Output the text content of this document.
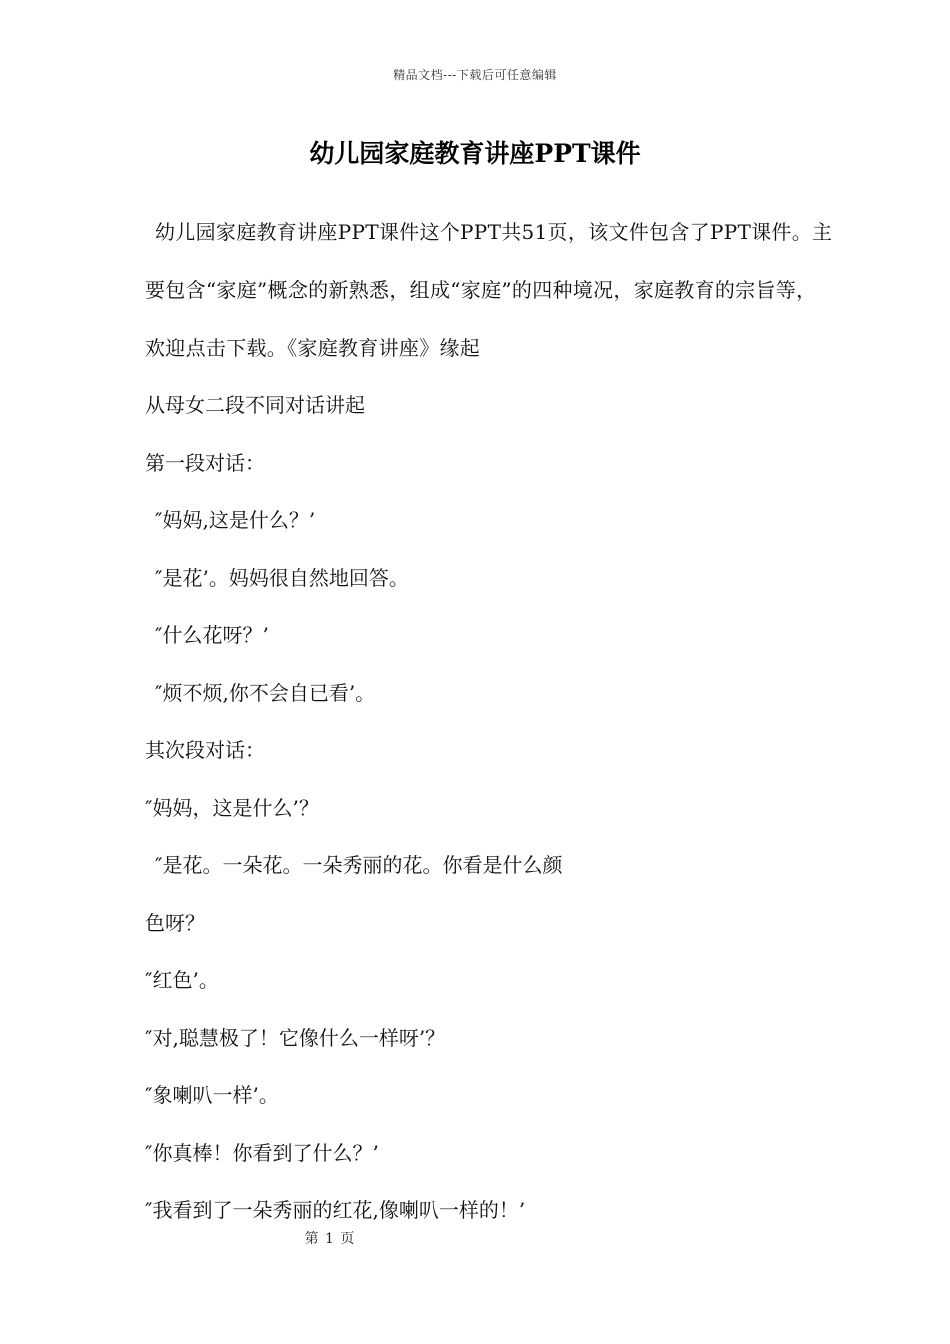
精品文档---下载后可任意编辑
幼儿园家庭教育讲座PPT课件

幼儿园家庭教育讲座PPT课件这个PPT共51页，该文件包含了PPT课件。主要包含“家庭”概念的新熟悉，组成“家庭”的四种境况，家庭教育的宗旨等，欢迎点击下载。《家庭教育讲座》缘起

从母女二段不同对话讲起

第一段对话：

″妈妈,这是什么？’

″是花’。妈妈很自然地回答。

″什么花呀？’

″烦不烦,你不会自已看’。

其次段对话：

″妈妈，这是什么’？

″是花。一朵花。一朵秀丽的花。你看是什么颜

色呀？

″红色’。

″对,聪慧极了！它像什么一样呀’？

″象喇叭一样’。

″你真棒！你看到了什么？’

″我看到了一朵秀丽的红花,像喇叭一样的！’

第 1 页
